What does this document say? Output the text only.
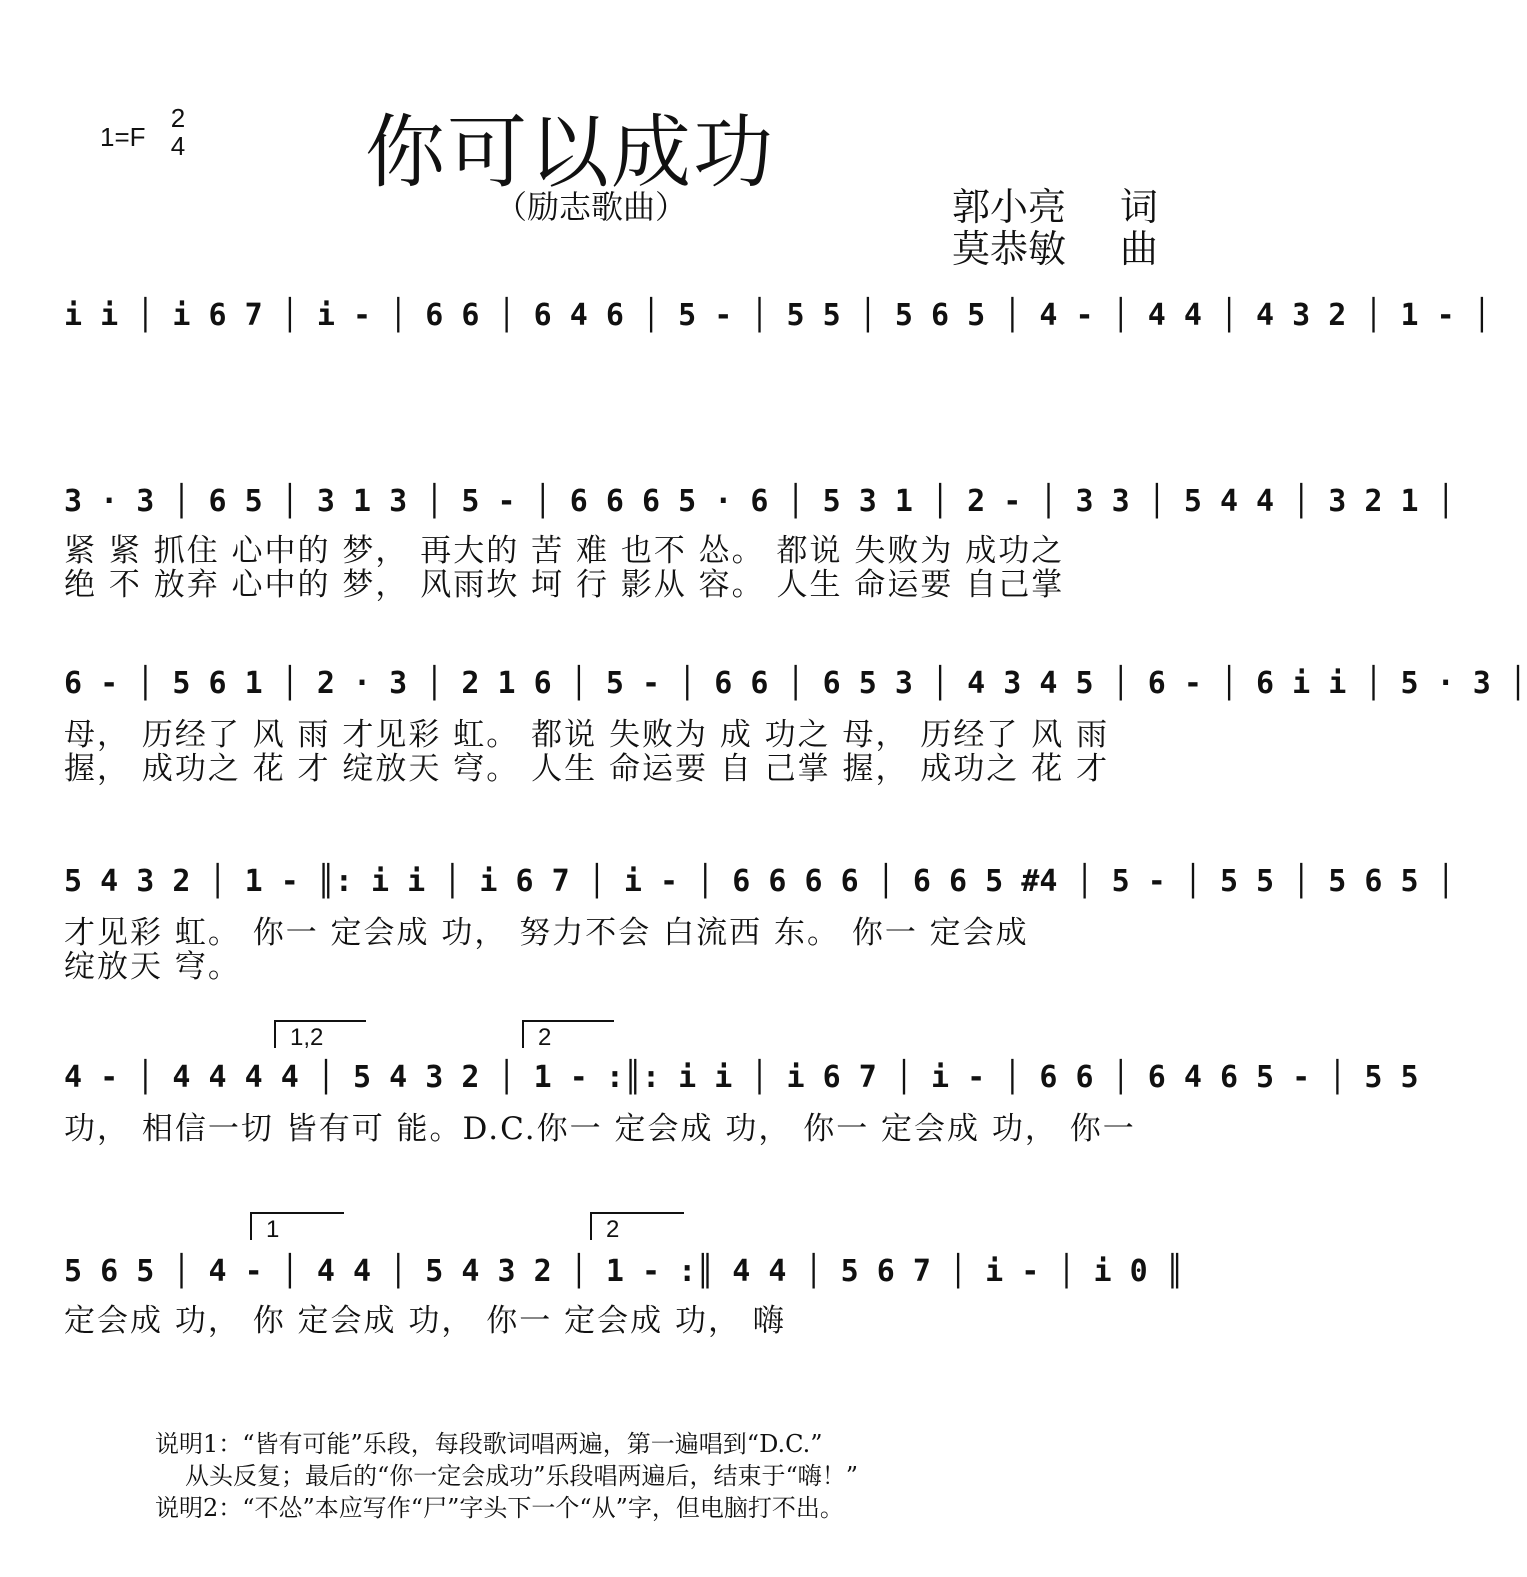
1=F
2
4 你可以成功
（励志歌曲）	郭小亮 词
莫恭敏 曲
i i │ i 6 7 │ i - │ 6 6 │ 6 4 6 │ 5 - │ 5 5 │ 5 6 5 │ 4 - │ 4 4 │ 4 3 2 │ 1 - │
3 · 3 │ 6 5 │ 3 1 3 │ 5 - │ 6 6 6 5 · 6 │ 5 3 1 │ 2 - │ 3 3 │ 5 4 4 │ 3 2 1 │
紧 紧 抓住 心中的 梦， 再大的 苦 难 也不 怂。 都说 失败为 成功之
绝 不 放弃 心中的 梦， 风雨坎 坷 行 影从 容。 人生 命运要 自己掌
6 - │ 5 6 1 │ 2 · 3 │ 2 1 6 │ 5 - │ 6 6 │ 6 5 3 │ 4 3 4 5 │ 6 - │ 6 i i │ 5 · 3 │
母， 历经了 风 雨 才见彩 虹。 都说 失败为 成 功之 母， 历经了 风 雨
握， 成功之 花 才 绽放天 穹。 人生 命运要 自 己掌 握， 成功之 花 才
5 4 3 2 │ 1 - ║: i i │ i 6 7 │ i - │ 6 6 6 6 │ 6 6 5 #4 │ 5 - │ 5 5 │ 5 6 5 │
才见彩 虹。 你一 定会成 功， 努力不会 白流西 东。 你一 定会成
绽放天 穹。
1,2	2
4 - │ 4 4 4 4 │ 5 4 3 2 │ 1 - :║: i i │ i 6 7 │ i - │ 6 6 │ 6 4 6 5 - │ 5 5
功， 相信一切 皆有可 能。D.C.你一 定会成 功， 你一 定会成 功， 你一
1	2
5 6 5 │ 4 - │ 4 4 │ 5 4 3 2 │ 1 - :║ 4 4 │ 5 6 7 │ i - │ i 0 ║
定会成 功， 你 定会成 功， 你一 定会成 功， 嗨
说明1：“皆有可能”乐段，每段歌词唱两遍，第一遍唱到“D.C.”
从头反复；最后的“你一定会成功”乐段唱两遍后，结束于“嗨！”
说明2：“不怂”本应写作“尸”字头下一个“从”字，但电脑打不出。
